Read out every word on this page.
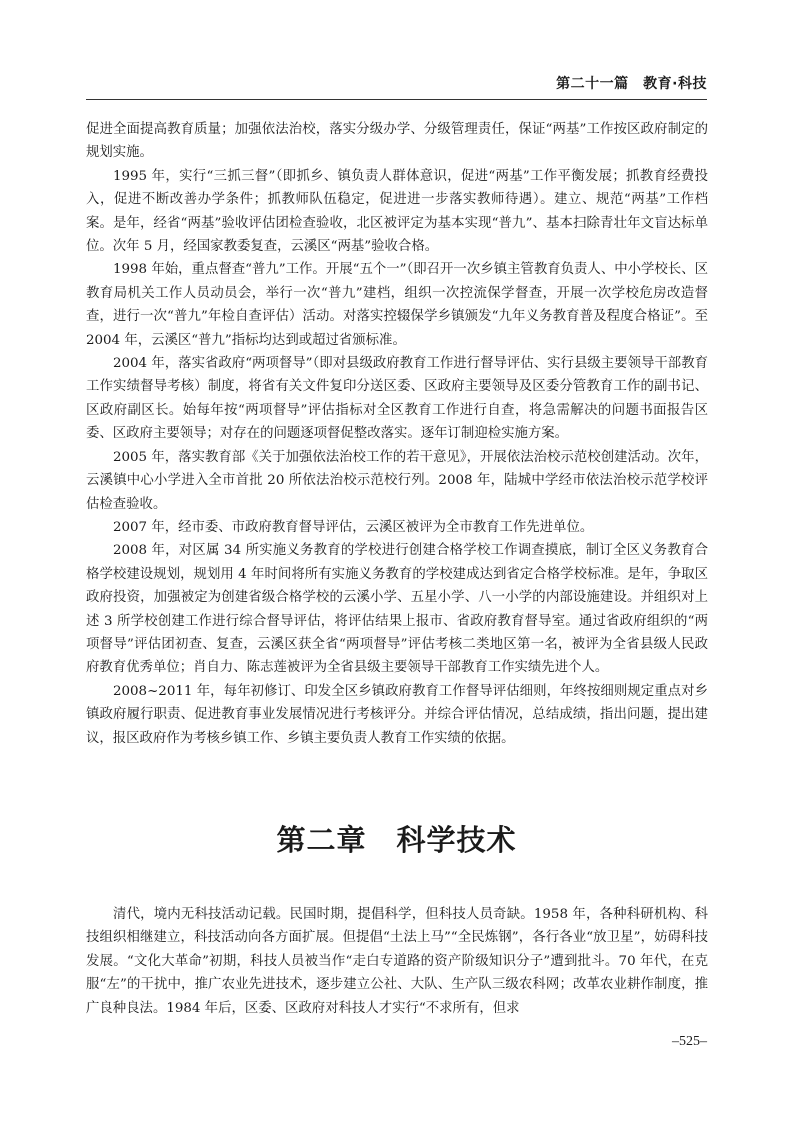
第二十一篇　教育·科技

促进全面提高教育质量；加强依法治校，落实分级办学、分级管理责任，保证“两基”工作按区政府制定的规划实施。

1995 年，实行“三抓三督”（即抓乡、镇负责人群体意识，促进“两基”工作平衡发展；抓教育经费投入，促进不断改善办学条件；抓教师队伍稳定，促进进一步落实教师待遇）。建立、规范“两基”工作档案。是年，经省“两基”验收评估团检查验收，北区被评定为基本实现“普九”、基本扫除青壮年文盲达标单位。次年 5 月，经国家教委复查，云溪区“两基”验收合格。

1998 年始，重点督查“普九”工作。开展“五个一”（即召开一次乡镇主管教育负责人、中小学校长、区教育局机关工作人员动员会，举行一次“普九”建档，组织一次控流保学督查，开展一次学校危房改造督查，进行一次“普九”年检自查评估）活动。对落实控辍保学乡镇颁发“九年义务教育普及程度合格证”。至 2004 年，云溪区“普九”指标均达到或超过省颁标准。

2004 年，落实省政府“两项督导”（即对县级政府教育工作进行督导评估、实行县级主要领导干部教育工作实绩督导考核）制度，将省有关文件复印分送区委、区政府主要领导及区委分管教育工作的副书记、区政府副区长。始每年按“两项督导”评估指标对全区教育工作进行自查，将急需解决的问题书面报告区委、区政府主要领导；对存在的问题逐项督促整改落实。逐年订制迎检实施方案。

2005 年，落实教育部《关于加强依法治校工作的若干意见》，开展依法治校示范校创建活动。次年，云溪镇中心小学进入全市首批 20 所依法治校示范校行列。2008 年，陆城中学经市依法治校示范学校评估检查验收。

2007 年，经市委、市政府教育督导评估，云溪区被评为全市教育工作先进单位。

2008 年，对区属 34 所实施义务教育的学校进行创建合格学校工作调查摸底，制订全区义务教育合格学校建设规划，规划用 4 年时间将所有实施义务教育的学校建成达到省定合格学校标准。是年，争取区政府投资，加强被定为创建省级合格学校的云溪小学、五星小学、八一小学的内部设施建设。并组织对上述 3 所学校创建工作进行综合督导评估，将评估结果上报市、省政府教育督导室。通过省政府组织的“两项督导”评估团初查、复查，云溪区获全省“两项督导”评估考核二类地区第一名，被评为全省县级人民政府教育优秀单位；肖自力、陈志莲被评为全省县级主要领导干部教育工作实绩先进个人。

2008~2011 年，每年初修订、印发全区乡镇政府教育工作督导评估细则，年终按细则规定重点对乡镇政府履行职责、促进教育事业发展情况进行考核评分。并综合评估情况，总结成绩，指出问题，提出建议，报区政府作为考核乡镇工作、乡镇主要负责人教育工作实绩的依据。

第二章　科学技术

清代，境内无科技活动记载。民国时期，提倡科学，但科技人员奇缺。1958 年，各种科研机构、科技组织相继建立，科技活动向各方面扩展。但提倡“土法上马”“全民炼钢”，各行各业“放卫星”，妨碍科技发展。“文化大革命”初期，科技人员被当作“走白专道路的资产阶级知识分子”遭到批斗。70 年代，在克服“左”的干扰中，推广农业先进技术，逐步建立公社、大队、生产队三级农科网；改革农业耕作制度，推广良种良法。1984 年后，区委、区政府对科技人才实行“不求所有，但求

–525–
